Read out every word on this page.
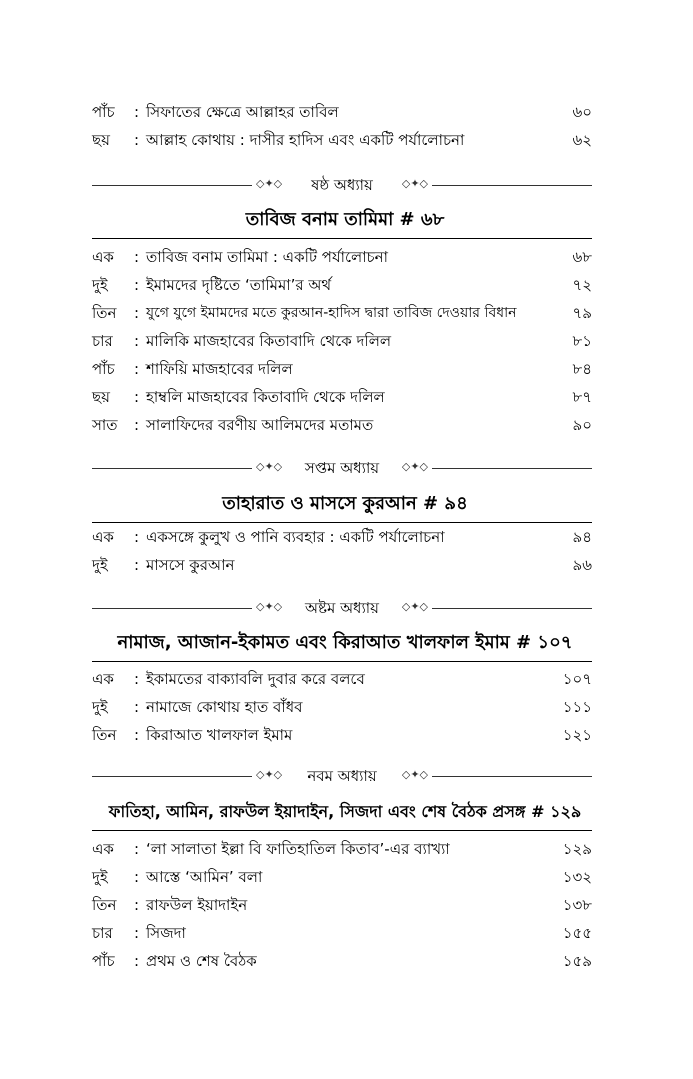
পাঁচ : সিফাতের ক্ষেত্রে আল্লাহর তাবিল	৬০
ছয় : আল্লাহ কোথায় : দাসীর হাদিস এবং একটি পর্যালোচনা	৬২
◇✦◇	ষষ্ঠ অধ্যায়	◇✦◇
তাবিজ বনাম তামিমা # ৬৮
এক : তাবিজ বনাম তামিমা : একটি পর্যালোচনা	৬৮
দুই : ইমামদের দৃষ্টিতে ‘তামিমা’র অর্থ	৭২
তিন : যুগে যুগে ইমামদের মতে কুরআন-হাদিস দ্বারা তাবিজ দেওয়ার বিধান	৭৯
চার : মালিকি মাজহাবের কিতাবাদি থেকে দলিল	৮১
পাঁচ : শাফিয়ি মাজহাবের দলিল	৮৪
ছয় : হাম্বলি মাজহাবের কিতাবাদি থেকে দলিল	৮৭
সাত : সালাফিদের বরণীয় আলিমদের মতামত	৯০
◇✦◇	সপ্তম অধ্যায়	◇✦◇
তাহারাত ও মাসসে কুরআন # ৯৪
এক : একসঙ্গে কুলুখ ও পানি ব্যবহার : একটি পর্যালোচনা	৯৪
দুই : মাসসে কুরআন	৯৬
◇✦◇	অষ্টম অধ্যায়	◇✦◇
নামাজ, আজান-ইকামত এবং কিরাআত খালফাল ইমাম # ১০৭
এক : ইকামতের বাক্যাবলি দুবার করে বলবে	১০৭
দুই : নামাজে কোথায় হাত বাঁধব	১১১
তিন : কিরাআত খালফাল ইমাম	১২১
◇✦◇	নবম অধ্যায়	◇✦◇
ফাতিহা, আমিন, রাফউল ইয়াদাইন, সিজদা এবং শেষ বৈঠক প্রসঙ্গ # ১২৯
এক : ‘লা সালাতা ইল্লা বি ফাতিহাতিল কিতাব’-এর ব্যাখ্যা	১২৯
দুই : আস্তে ‘আমিন’ বলা	১৩২
তিন : রাফউল ইয়াদাইন	১৩৮
চার : সিজদা	১৫৫
পাঁচ : প্রথম ও শেষ বৈঠক	১৫৯
